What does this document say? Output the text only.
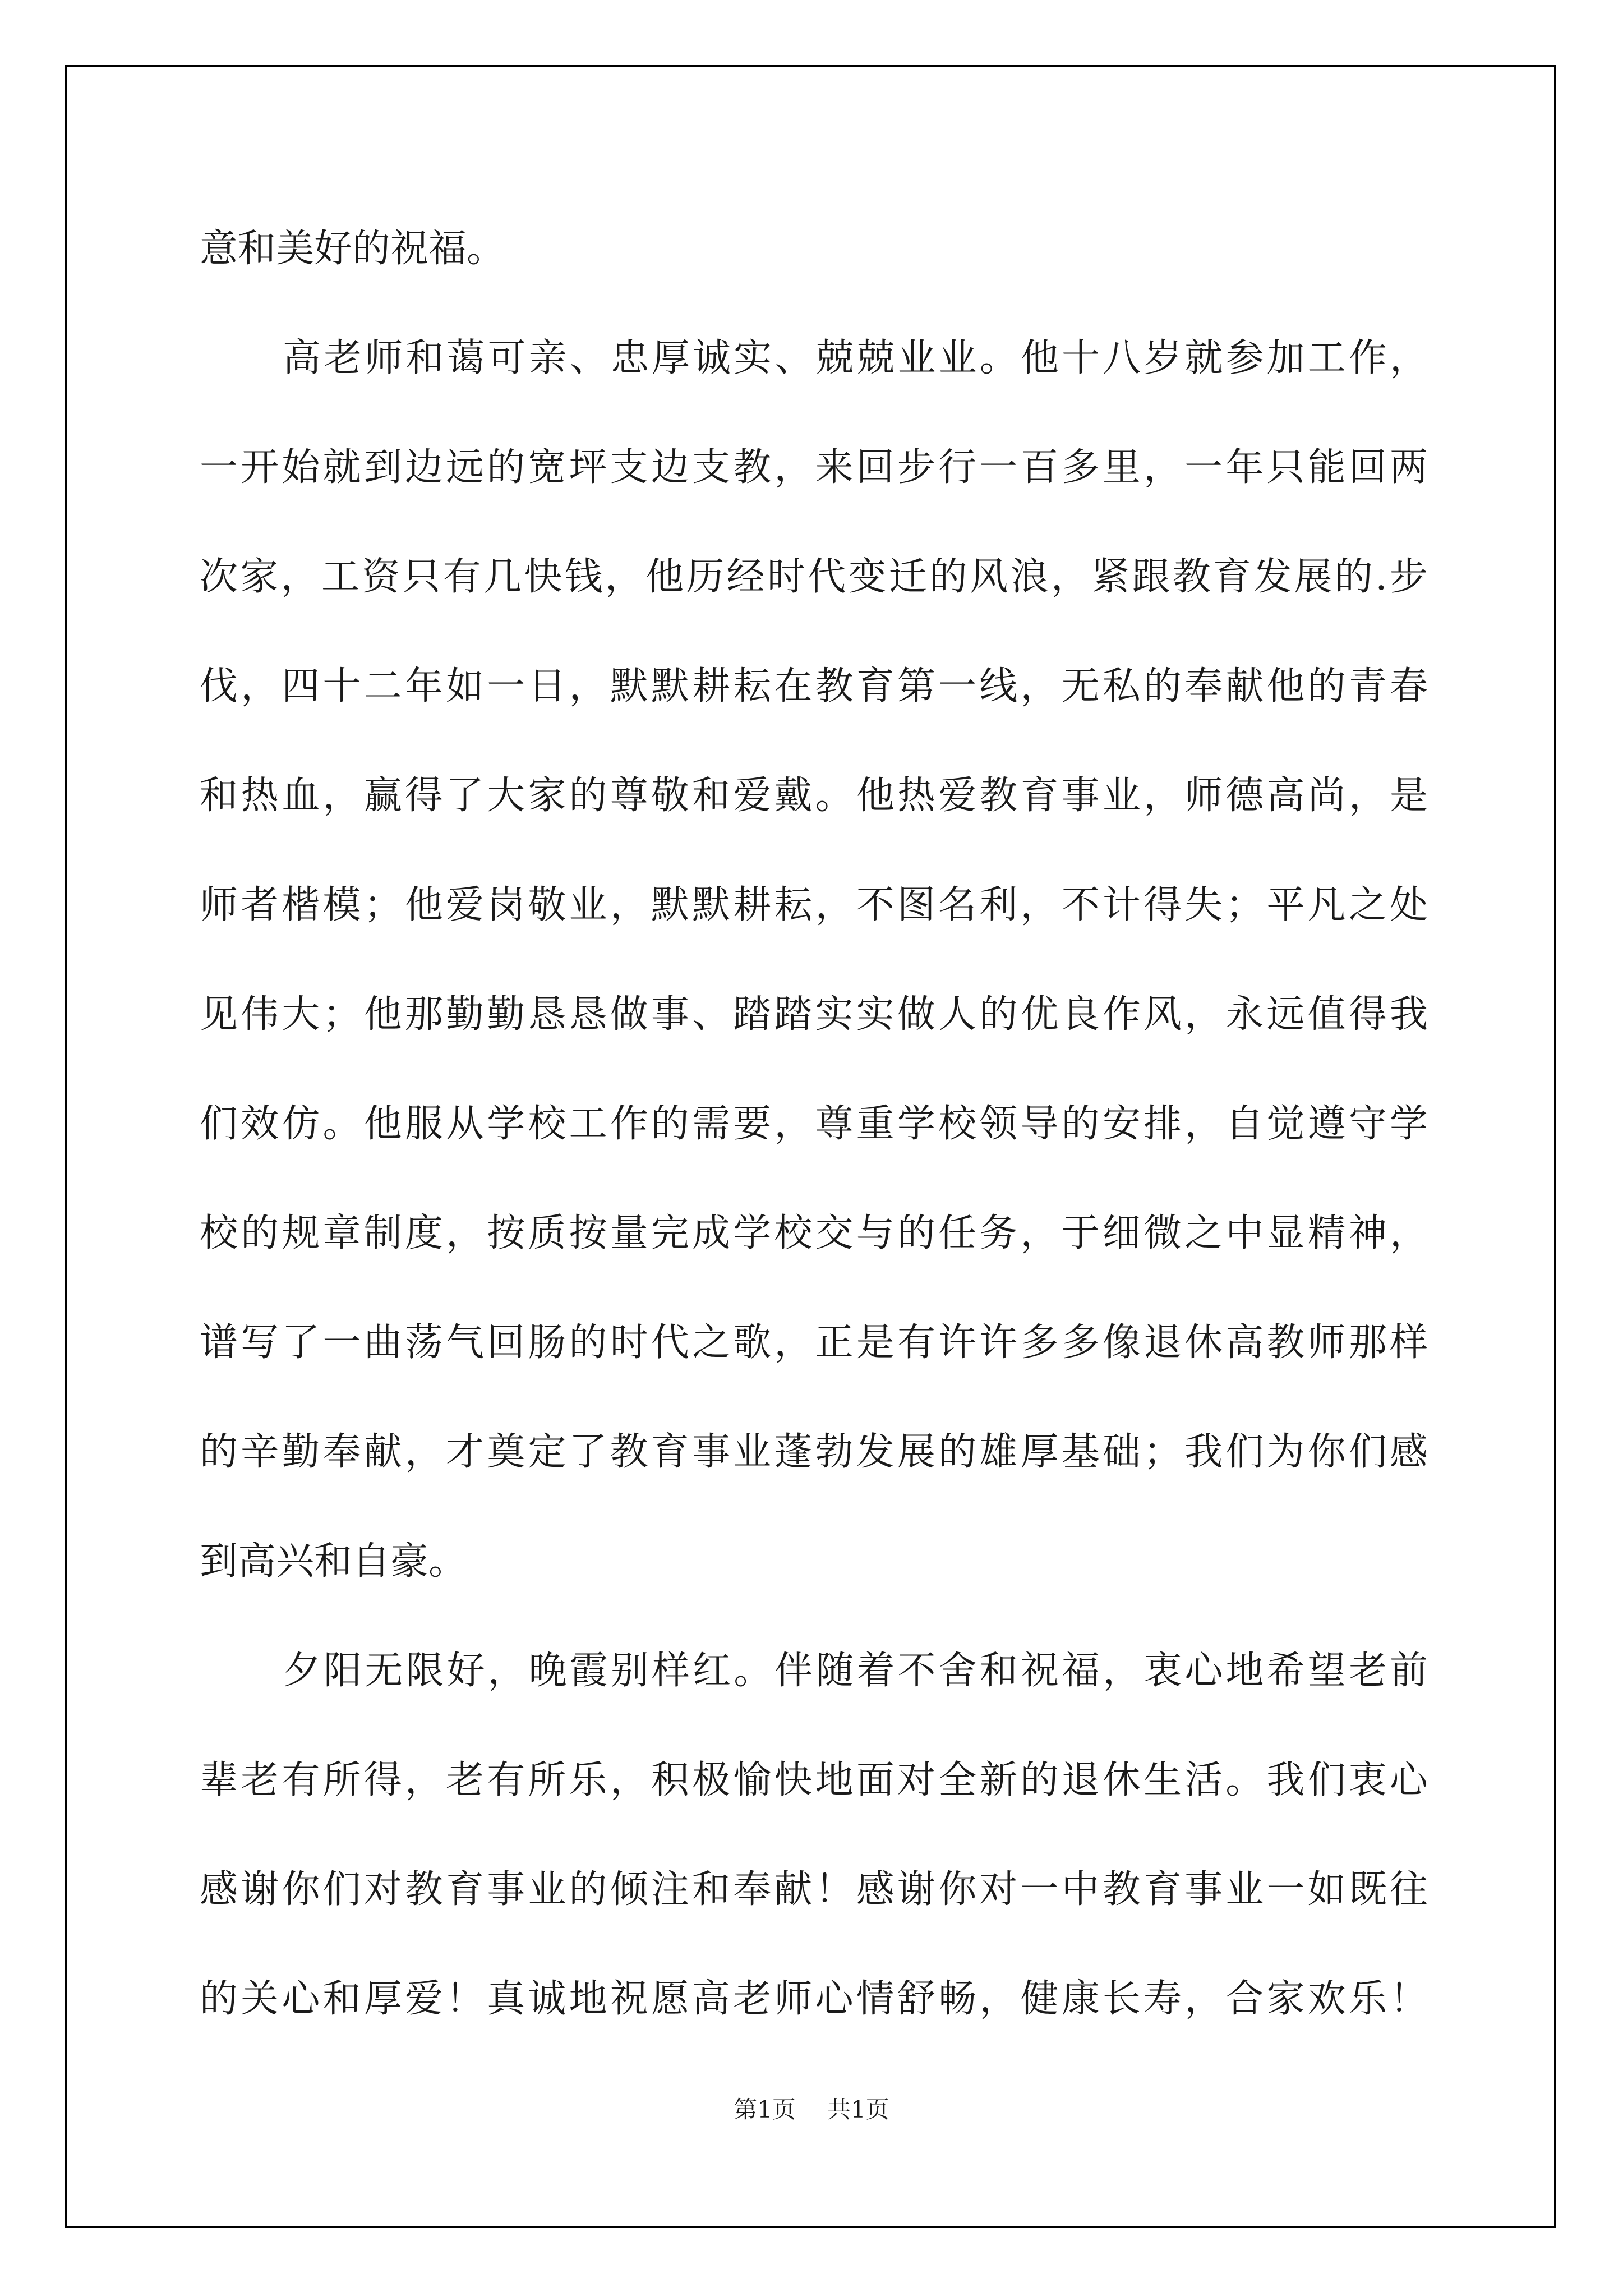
意和美好的祝福。
高老师和蔼可亲、忠厚诚实、兢兢业业。他十八岁就参加工作，
一开始就到边远的宽坪支边支教，来回步行一百多里，一年只能回两
次家，工资只有几快钱，他历经时代变迁的风浪，紧跟教育发展的.步
伐，四十二年如一日，默默耕耘在教育第一线，无私的奉献他的青春
和热血，赢得了大家的尊敬和爱戴。他热爱教育事业，师德高尚，是
师者楷模；他爱岗敬业，默默耕耘，不图名利，不计得失；平凡之处
见伟大；他那勤勤恳恳做事、踏踏实实做人的优良作风，永远值得我
们效仿。他服从学校工作的需要，尊重学校领导的安排，自觉遵守学
校的规章制度，按质按量完成学校交与的任务，于细微之中显精神，
谱写了一曲荡气回肠的时代之歌，正是有许许多多像退休高教师那样
的辛勤奉献，才奠定了教育事业蓬勃发展的雄厚基础；我们为你们感
到高兴和自豪。
夕阳无限好，晚霞别样红。伴随着不舍和祝福，衷心地希望老前
辈老有所得，老有所乐，积极愉快地面对全新的退休生活。我们衷心
感谢你们对教育事业的倾注和奉献！感谢你对一中教育事业一如既往
的关心和厚爱！真诚地祝愿高老师心情舒畅，健康长寿，合家欢乐！
第1页 共1页
